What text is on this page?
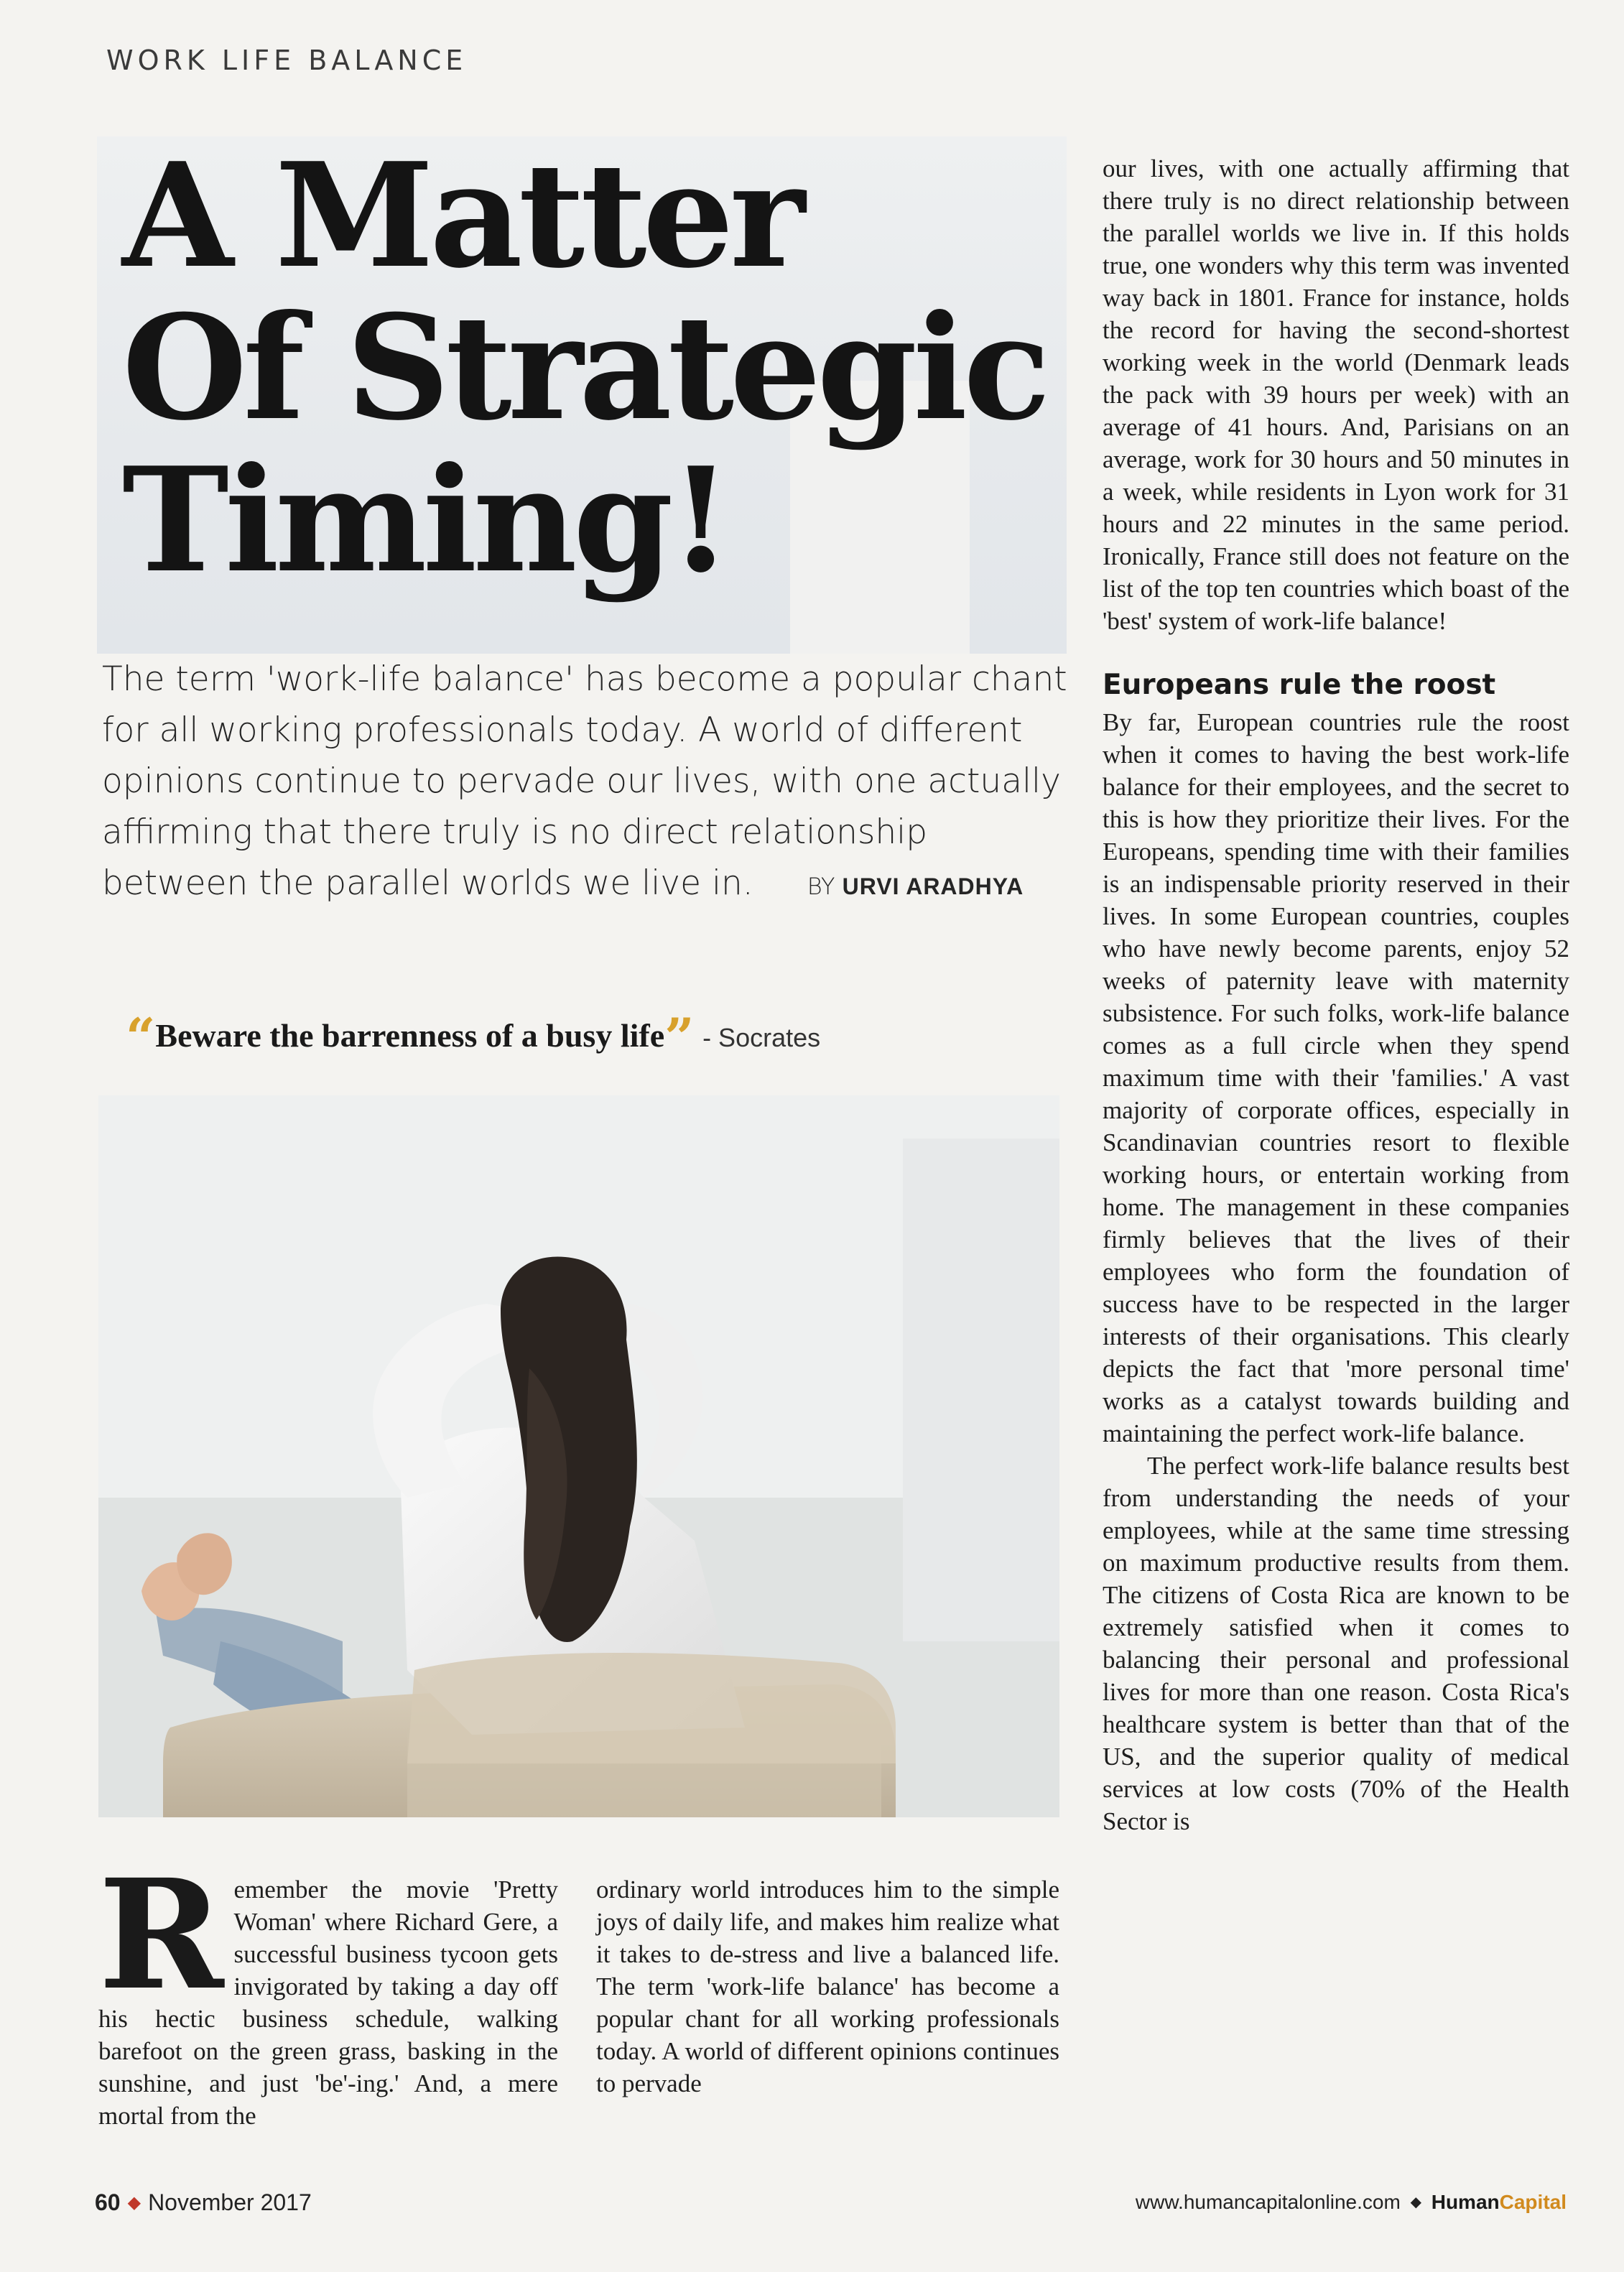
WORK LIFE BALANCE
A Matter
Of Strategic
Timing!
The term 'work-life balance' has become a popular chant for all working professionals today. A world of different opinions continue to pervade our lives, with one actually affirming that there truly is no direct relationship between the parallel worlds we live in. BY URVI ARADHYA
“Beware the barrenness of a busy life” - Socrates
R emember the movie 'Pretty Woman' where Richard Gere, a successful business tycoon gets invigorated by taking a day off his hectic business schedule, walking barefoot on the green grass, basking in the sunshine, and just 'be'-ing.' And, a mere mortal from the

ordinary world introduces him to the simple joys of daily life, and makes him realize what it takes to de-stress and live a balanced life. The term 'work-life balance' has become a popular chant for all working professionals today. A world of different opinions continues to pervade

our lives, with one actually affirming that there truly is no direct relationship between the parallel worlds we live in. If this holds true, one wonders why this term was invented way back in 1801. France for instance, holds the record for having the second-shortest working week in the world (Denmark leads the pack with 39 hours per week) with an average of 41 hours. And, Parisians on an average, work for 30 hours and 50 minutes in a week, while residents in Lyon work for 31 hours and 22 minutes in the same period. Ironically, France still does not feature on the list of the top ten countries which boast of the 'best' system of work-life balance!

Europeans rule the roost

By far, European countries rule the roost when it comes to having the best work-life balance for their employees, and the secret to this is how they prioritize their lives. For the Europeans, spending time with their families is an indispensable priority reserved in their lives. In some European countries, couples who have newly become parents, enjoy 52 weeks of paternity leave with maternity subsistence. For such folks, work-life balance comes as a full circle when they spend maximum time with their 'families.' A vast majority of corporate offices, especially in Scandinavian countries resort to flexible working hours, or entertain working from home. The management in these companies firmly believes that the lives of their employees who form the foundation of success have to be respected in the larger interests of their organisations. This clearly depicts the fact that 'more personal time' works as a catalyst towards building and maintaining the perfect work-life balance.

The perfect work-life balance results best from understanding the needs of your employees, while at the same time stressing on maximum productive results from them. The citizens of Costa Rica are known to be extremely satisfied when it comes to balancing their personal and professional lives for more than one reason. Costa Rica's healthcare system is better than that of the US, and the superior quality of medical services at low costs (70% of the Health Sector is

60 ◆ November 2017	www.humancapitalonline.com ◆ HumanCapital
